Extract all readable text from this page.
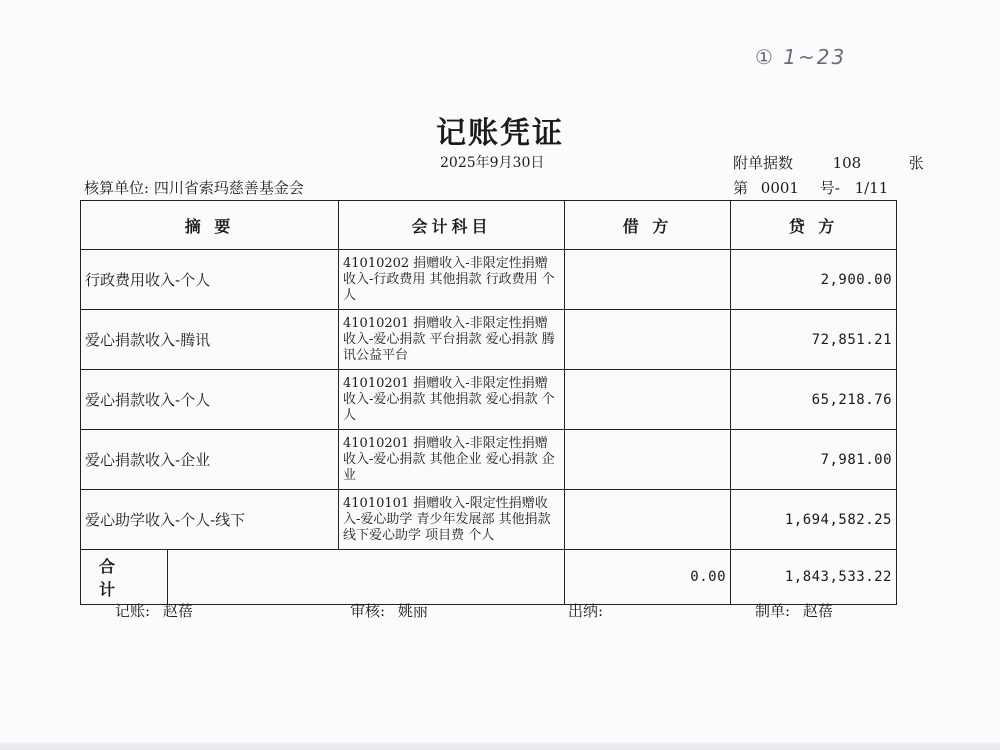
① 1~23
记账凭证
2025年9月30日	附单据数	108	张
核算单位: 四川省索玛慈善基金会	第 0001 号- 1/11
摘 要	会计科目	借 方	贷 方
行政费用收入-个人	41010202 捐赠收入-非限定性捐赠收入-行政费用 其他捐款 行政费用 个人		2,900.00
爱心捐款收入-腾讯	41010201 捐赠收入-非限定性捐赠收入-爱心捐款 平台捐款 爱心捐款 腾讯公益平台		72,851.21
爱心捐款收入-个人	41010201 捐赠收入-非限定性捐赠收入-爱心捐款 其他捐款 爱心捐款 个人		65,218.76
爱心捐款收入-企业	41010201 捐赠收入-非限定性捐赠收入-爱心捐款 其他企业 爱心捐款 企业		7,981.00
爱心助学收入-个人-线下	41010101 捐赠收入-限定性捐赠收入-爱心助学 青少年发展部 其他捐款 线下爱心助学 项目费 个人		1,694,582.25

合 计		0.00	1,843,533.22
记账: 赵蓓	审核: 姚丽	出纳:	制单: 赵蓓
